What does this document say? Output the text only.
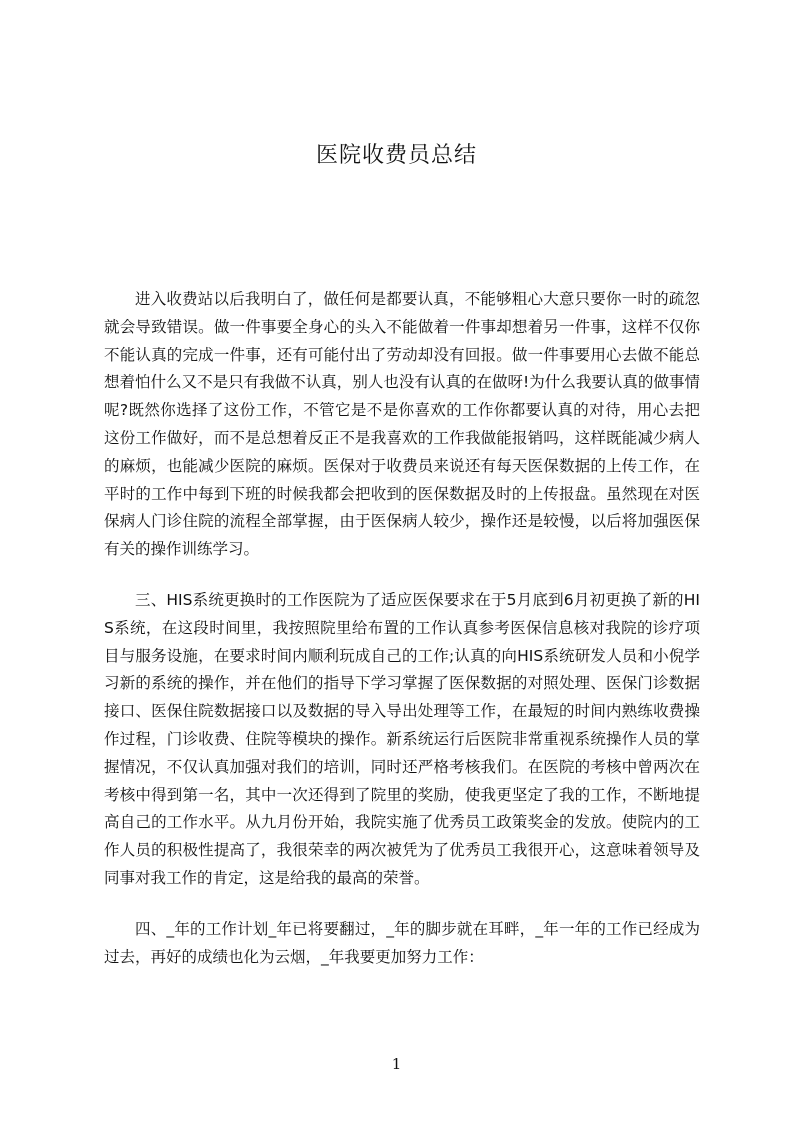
医院收费员总结

进入收费站以后我明白了，做任何是都要认真，不能够粗心大意只要你一时的疏忽就会导致错误。做一件事要全身心的头入不能做着一件事却想着另一件事，这样不仅你不能认真的完成一件事，还有可能付出了劳动却没有回报。做一件事要用心去做不能总想着怕什么又不是只有我做不认真，别人也没有认真的在做呀!为什么我要认真的做事情呢?既然你选择了这份工作，不管它是不是你喜欢的工作你都要认真的对待，用心去把这份工作做好，而不是总想着反正不是我喜欢的工作我做能报销吗，这样既能减少病人的麻烦，也能减少医院的麻烦。医保对于收费员来说还有每天医保数据的上传工作，在平时的工作中每到下班的时候我都会把收到的医保数据及时的上传报盘。虽然现在对医保病人门诊住院的流程全部掌握，由于医保病人较少，操作还是较慢，以后将加强医保有关的操作训练学习。

三、HIS系统更换时的工作医院为了适应医保要求在于5月底到6月初更换了新的HIS系统，在这段时间里，我按照院里给布置的工作认真参考医保信息核对我院的诊疗项目与服务设施，在要求时间内顺利玩成自己的工作;认真的向HIS系统研发人员和小倪学习新的系统的操作，并在他们的指导下学习掌握了医保数据的对照处理、医保门诊数据接口、医保住院数据接口以及数据的导入导出处理等工作，在最短的时间内熟练收费操作过程，门诊收费、住院等模块的操作。新系统运行后医院非常重视系统操作人员的掌握情况，不仅认真加强对我们的培训，同时还严格考核我们。在医院的考核中曾两次在考核中得到第一名，其中一次还得到了院里的奖励，使我更坚定了我的工作，不断地提高自己的工作水平。从九月份开始，我院实施了优秀员工政策奖金的发放。使院内的工作人员的积极性提高了，我很荣幸的两次被凭为了优秀员工我很开心，这意味着领导及同事对我工作的肯定，这是给我的最高的荣誉。

四、_年的工作计划_年已将要翻过，_年的脚步就在耳畔，_年一年的工作已经成为过去，再好的成绩也化为云烟，_年我要更加努力工作：

1
